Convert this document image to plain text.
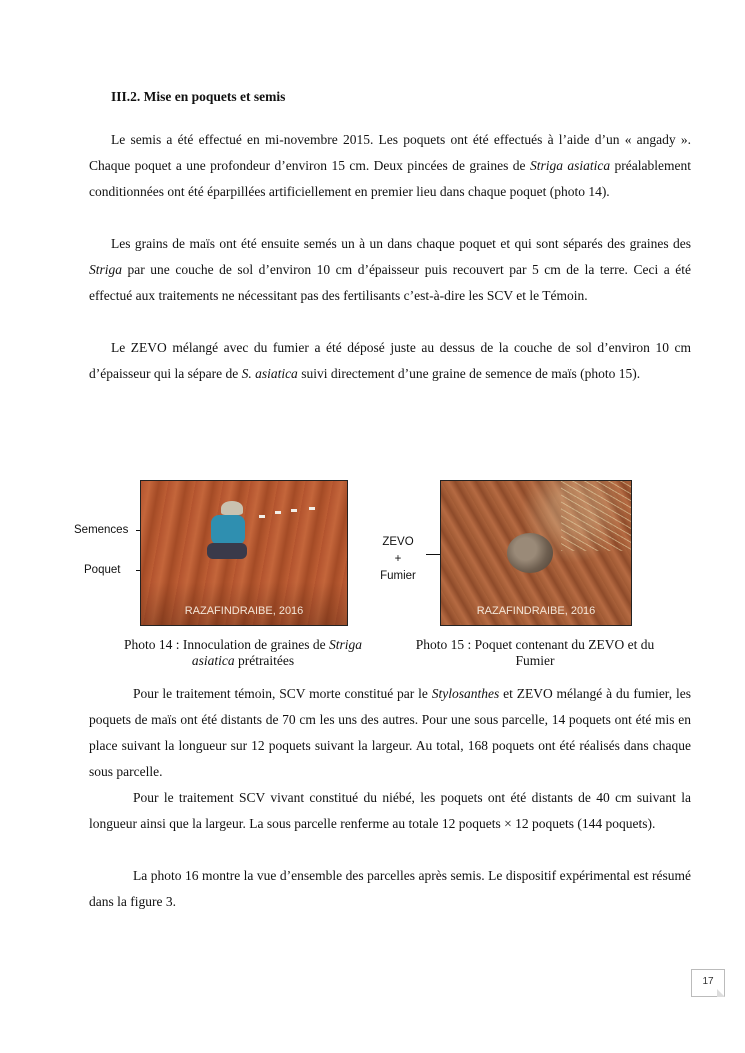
III.2. Mise en poquets et semis

Le semis a été effectué en mi-novembre 2015. Les poquets ont été effectués à l’aide d’un « angady ». Chaque poquet a une profondeur d’environ 15 cm. Deux pincées de graines de Striga asiatica préalablement conditionnées ont été éparpillées artificiellement en premier lieu dans chaque poquet (photo 14).

Les grains de maïs ont été ensuite semés un à un dans chaque poquet et qui sont séparés des graines des Striga par une couche de sol d’environ 10 cm d’épaisseur puis recouvert par 5 cm de la terre. Ceci a été effectué aux traitements ne nécessitant pas des fertilisants c’est-à-dire les SCV et le Témoin.

Le ZEVO mélangé avec du fumier a été déposé juste au dessus de la couche de sol d’environ 10 cm d’épaisseur qui la sépare de S. asiatica suivi directement d’une graine de semence de maïs (photo 15).

Semences
Poquet
RAZAFINDRAIBE, 2016
ZEVO
+
Fumier
RAZAFINDRAIBE, 2016
Photo 14 : Innoculation de graines de Striga
asiatica prétraitées
Photo 15 : Poquet contenant du ZEVO et du
Fumier

Pour le traitement témoin, SCV morte constitué par le Stylosanthes et ZEVO mélangé à du fumier, les poquets de maïs ont été distants de 70 cm les uns des autres. Pour une sous parcelle, 14 poquets ont été mis en place suivant la longueur sur 12 poquets suivant la largeur. Au total, 168 poquets ont été réalisés dans chaque sous parcelle.

Pour le traitement SCV vivant constitué du niébé, les poquets ont été distants de 40 cm suivant la longueur ainsi que la largeur. La sous parcelle renferme au totale 12 poquets × 12 poquets (144 poquets).

La photo 16 montre la vue d’ensemble des parcelles après semis. Le dispositif expérimental est résumé dans la figure 3.

17
